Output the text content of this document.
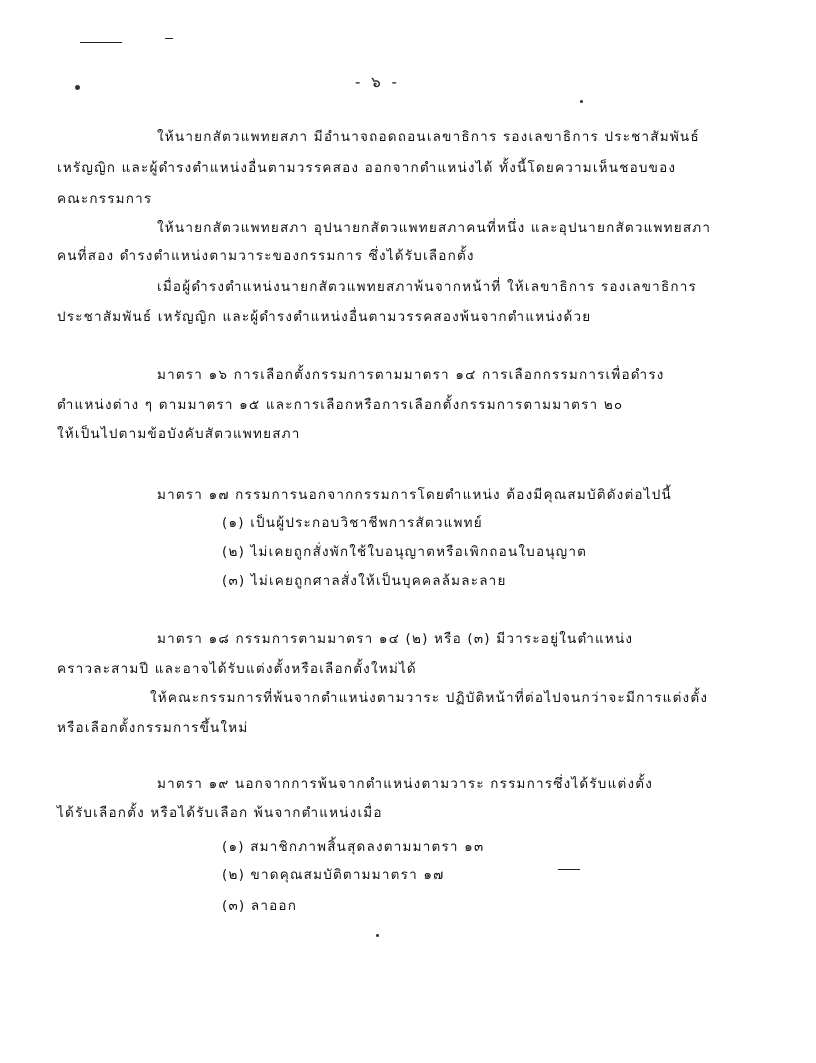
- ๖ -
ให้นายกสัตวแพทยสภา มีอำนาจถอดถอนเลขาธิการ รองเลขาธิการ ประชาสัมพันธ์
เหรัญญิก และผู้ดำรงตำแหน่งอื่นตามวรรคสอง ออกจากตำแหน่งได้ ทั้งนี้โดยความเห็นชอบของ
คณะกรรมการ
ให้นายกสัตวแพทยสภา อุปนายกสัตวแพทยสภาคนที่หนึ่ง และอุปนายกสัตวแพทยสภา
คนที่สอง ดำรงตำแหน่งตามวาระของกรรมการ ซึ่งได้รับเลือกตั้ง
เมื่อผู้ดำรงตำแหน่งนายกสัตวแพทยสภาพ้นจากหน้าที่ ให้เลขาธิการ รองเลขาธิการ
ประชาสัมพันธ์ เหรัญญิก และผู้ดำรงตำแหน่งอื่นตามวรรคสองพ้นจากตำแหน่งด้วย
มาตรา ๑๖ การเลือกตั้งกรรมการตามมาตรา ๑๔ การเลือกกรรมการเพื่อดำรง
ตำแหน่งต่าง ๆ ตามมาตรา ๑๕ และการเลือกหรือการเลือกตั้งกรรมการตามมาตรา ๒๐
ให้เป็นไปตามข้อบังคับสัตวแพทยสภา
มาตรา ๑๗ กรรมการนอกจากกรรมการโดยตำแหน่ง ต้องมีคุณสมบัติดังต่อไปนี้
(๑) เป็นผู้ประกอบวิชาชีพการสัตวแพทย์
(๒) ไม่เคยถูกสั่งพักใช้ใบอนุญาตหรือเพิกถอนใบอนุญาต
(๓) ไม่เคยถูกศาลสั่งให้เป็นบุคคลล้มละลาย
มาตรา ๑๘ กรรมการตามมาตรา ๑๔ (๒) หรือ (๓) มีวาระอยู่ในตำแหน่ง
คราวละสามปี และอาจได้รับแต่งตั้งหรือเลือกตั้งใหม่ได้
ให้คณะกรรมการที่พ้นจากตำแหน่งตามวาระ ปฏิบัติหน้าที่ต่อไปจนกว่าจะมีการแต่งตั้ง
หรือเลือกตั้งกรรมการขึ้นใหม่
มาตรา ๑๙ นอกจากการพ้นจากตำแหน่งตามวาระ กรรมการซึ่งได้รับแต่งตั้ง
ได้รับเลือกตั้ง หรือได้รับเลือก พ้นจากตำแหน่งเมื่อ
(๑) สมาชิกภาพสิ้นสุดลงตามมาตรา ๑๓
(๒) ขาดคุณสมบัติตามมาตรา ๑๗
(๓) ลาออก
